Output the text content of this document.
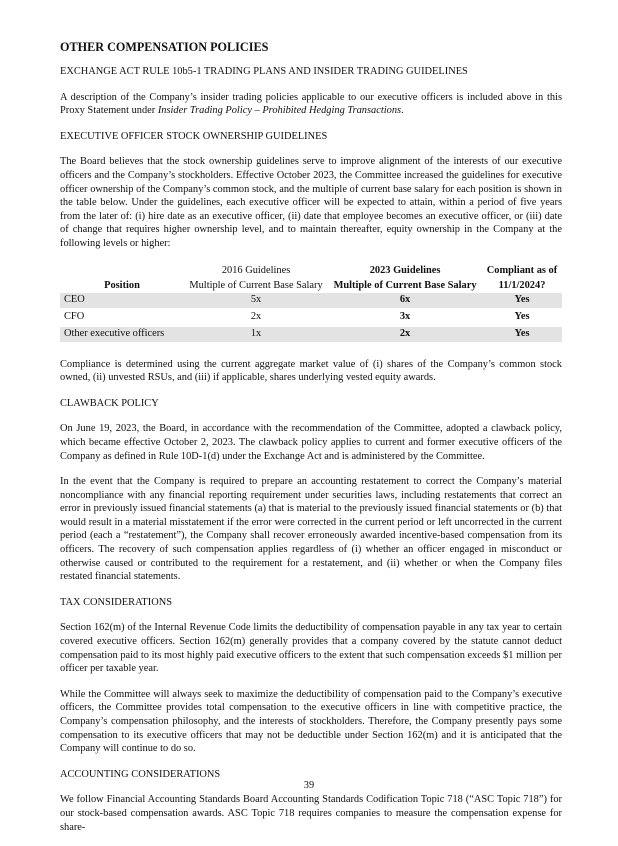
OTHER COMPENSATION POLICIES
EXCHANGE ACT RULE 10b5-1 TRADING PLANS AND INSIDER TRADING GUIDELINES

A description of the Company’s insider trading policies applicable to our executive officers is included above in this Proxy Statement under Insider Trading Policy – Prohibited Hedging Transactions.

EXECUTIVE OFFICER STOCK OWNERSHIP GUIDELINES

The Board believes that the stock ownership guidelines serve to improve alignment of the interests of our executive officers and the Company’s stockholders. Effective October 2023, the Committee increased the guidelines for executive officer ownership of the Company’s common stock, and the multiple of current base salary for each position is shown in the table below. Under the guidelines, each executive officer will be expected to attain, within a period of five years from the later of: (i) hire date as an executive officer, (ii) date that employee becomes an executive officer, or (iii) date of change that requires higher ownership level, and to maintain thereafter, equity ownership in the Company at the following levels or higher:

Position	2016 Guidelines	2023 Guidelines	Compliant as of
	Multiple of Current Base Salary	Multiple of Current Base Salary	11/1/2024?
CEO	5x	6x	Yes
CFO	2x	3x	Yes
Other executive officers	1x	2x	Yes

Compliance is determined using the current aggregate market value of (i) shares of the Company’s common stock owned, (ii) unvested RSUs, and (iii) if applicable, shares underlying vested equity awards.

CLAWBACK POLICY

On June 19, 2023, the Board, in accordance with the recommendation of the Committee, adopted a clawback policy, which became effective October 2, 2023. The clawback policy applies to current and former executive officers of the Company as defined in Rule 10D-1(d) under the Exchange Act and is administered by the Committee.

In the event that the Company is required to prepare an accounting restatement to correct the Company’s material noncompliance with any financial reporting requirement under securities laws, including restatements that correct an error in previously issued financial statements (a) that is material to the previously issued financial statements or (b) that would result in a material misstatement if the error were corrected in the current period or left uncorrected in the current period (each a “restatement”), the Company shall recover erroneously awarded incentive-based compensation from its officers. The recovery of such compensation applies regardless of (i) whether an officer engaged in misconduct or otherwise caused or contributed to the requirement for a restatement, and (ii) whether or when the Company files restated financial statements.

TAX CONSIDERATIONS

Section 162(m) of the Internal Revenue Code limits the deductibility of compensation payable in any tax year to certain covered executive officers. Section 162(m) generally provides that a company covered by the statute cannot deduct compensation paid to its most highly paid executive officers to the extent that such compensation exceeds $1 million per officer per taxable year.

While the Committee will always seek to maximize the deductibility of compensation paid to the Company’s executive officers, the Committee provides total compensation to the executive officers in line with competitive practice, the Company’s compensation philosophy, and the interests of stockholders. Therefore, the Company presently pays some compensation to its executive officers that may not be deductible under Section 162(m) and it is anticipated that the Company will continue to do so.

ACCOUNTING CONSIDERATIONS

We follow Financial Accounting Standards Board Accounting Standards Codification Topic 718 (“ASC Topic 718”) for our stock-based compensation awards. ASC Topic 718 requires companies to measure the compensation expense for share-

39
